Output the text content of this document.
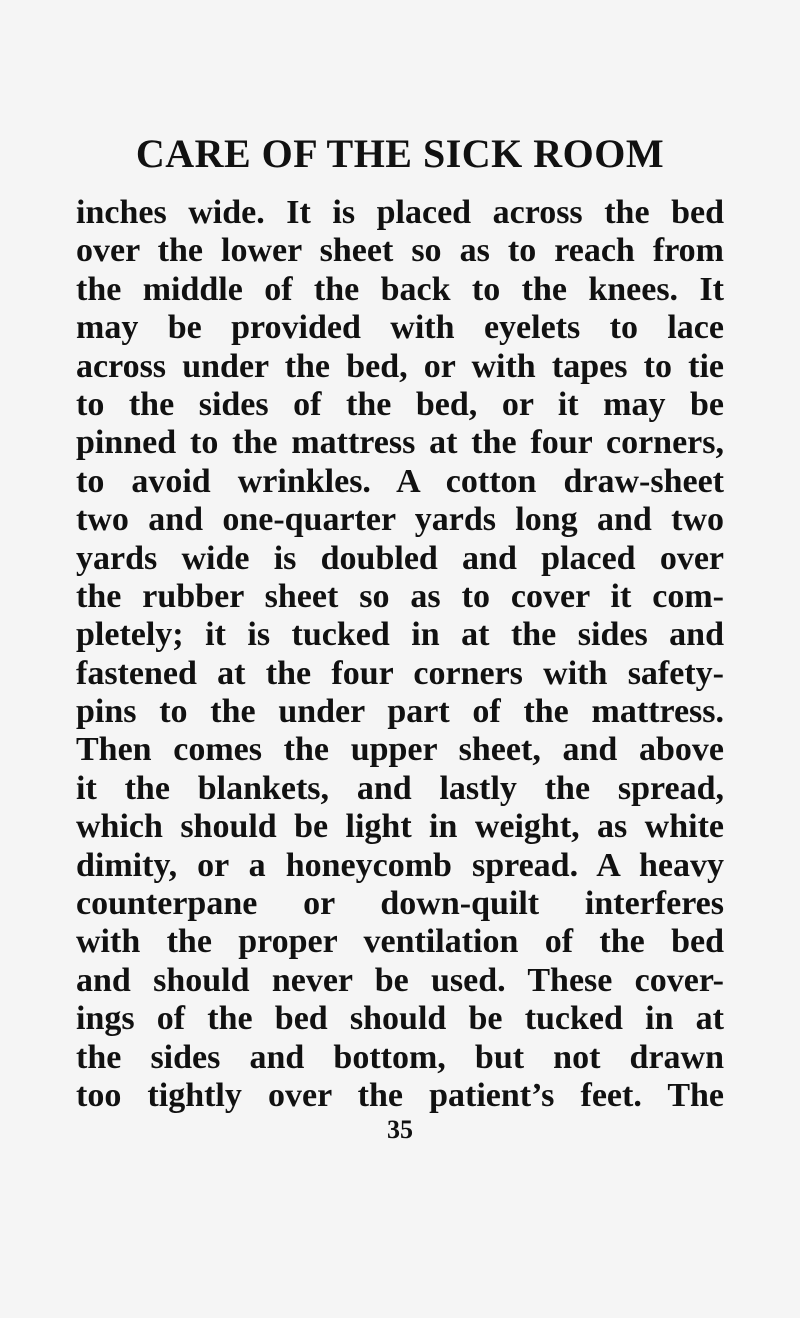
CARE OF THE SICK ROOM
inches wide. It is placed across the bed
over the lower sheet so as to reach from
the middle of the back to the knees. It
may be provided with eyelets to lace
across under the bed, or with tapes to tie
to the sides of the bed, or it may be
pinned to the mattress at the four corners,
to avoid wrinkles. A cotton draw-sheet
two and one-quarter yards long and two
yards wide is doubled and placed over
the rubber sheet so as to cover it com-
pletely; it is tucked in at the sides and
fastened at the four corners with safety-
pins to the under part of the mattress.
Then comes the upper sheet, and above
it the blankets, and lastly the spread,
which should be light in weight, as white
dimity, or a honeycomb spread. A heavy
counterpane or down-quilt interferes
with the proper ventilation of the bed
and should never be used. These cover-
ings of the bed should be tucked in at
the sides and bottom, but not drawn
too tightly over the patient’s feet. The
35
